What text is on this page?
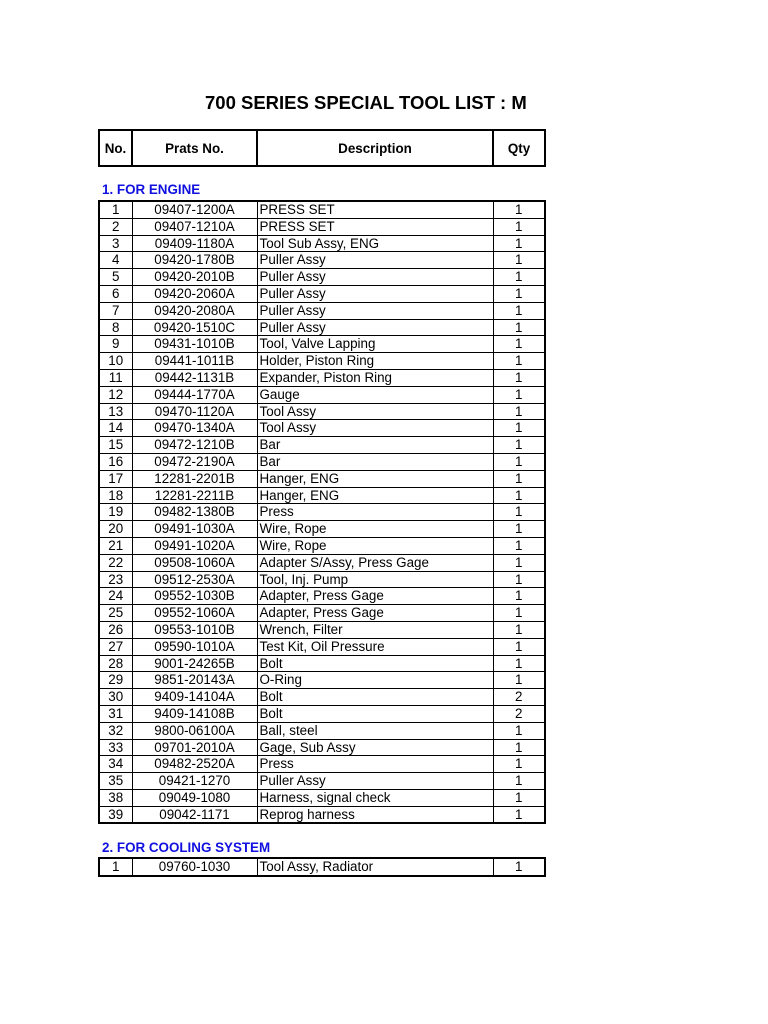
700 SERIES SPECIAL TOOL LIST : M
No.	Prats No.	Description	Qty
1. FOR ENGINE
1	09407-1200A	PRESS SET	1
2	09407-1210A	PRESS SET	1
3	09409-1180A	Tool Sub Assy, ENG	1
4	09420-1780B	Puller Assy	1
5	09420-2010B	Puller Assy	1
6	09420-2060A	Puller Assy	1
7	09420-2080A	Puller Assy	1
8	09420-1510C	Puller Assy	1
9	09431-1010B	Tool, Valve Lapping	1
10	09441-1011B	Holder, Piston Ring	1
11	09442-1131B	Expander, Piston Ring	1
12	09444-1770A	Gauge	1
13	09470-1120A	Tool Assy	1
14	09470-1340A	Tool Assy	1
15	09472-1210B	Bar	1
16	09472-2190A	Bar	1
17	12281-2201B	Hanger, ENG	1
18	12281-2211B	Hanger, ENG	1
19	09482-1380B	Press	1
20	09491-1030A	Wire, Rope	1
21	09491-1020A	Wire, Rope	1
22	09508-1060A	Adapter S/Assy, Press Gage	1
23	09512-2530A	Tool, Inj. Pump	1
24	09552-1030B	Adapter, Press Gage	1
25	09552-1060A	Adapter, Press Gage	1
26	09553-1010B	Wrench, Filter	1
27	09590-1010A	Test Kit, Oil Pressure	1
28	9001-24265B	Bolt	1
29	9851-20143A	O-Ring	1
30	9409-14104A	Bolt	2
31	9409-14108B	Bolt	2
32	9800-06100A	Ball, steel	1
33	09701-2010A	Gage, Sub Assy	1
34	09482-2520A	Press	1
35	09421-1270	Puller Assy	1
38	09049-1080	Harness, signal check	1
39	09042-1171	Reprog harness	1
2. FOR COOLING SYSTEM
1	09760-1030	Tool Assy, Radiator	1
